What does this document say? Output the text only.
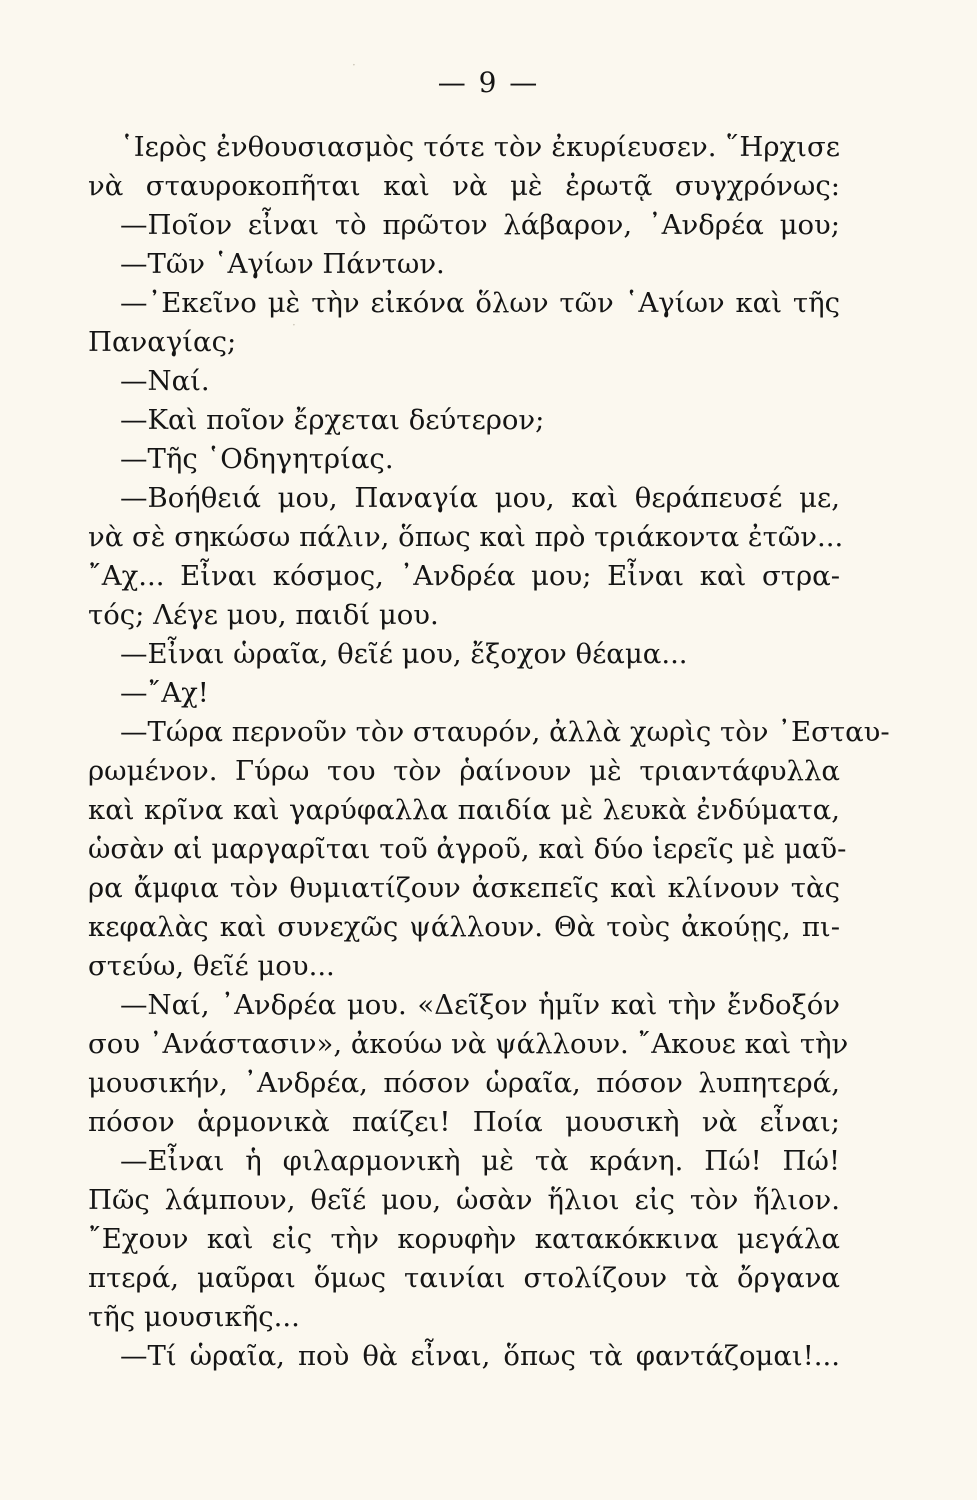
— 9 —
·
·
῾Ιερὸς ἐνθουσιασμὸς τότε τὸν ἐκυρίευσεν. ῞Ηρχισε
νὰ σταυροκοπῆται καὶ νὰ μὲ ἐρωτᾷ συγχρόνως:
—Ποῖον εἶναι τὸ πρῶτον λάβαρον, ᾿Ανδρέα μου;
—Τῶν ῾Αγίων Πάντων.
—᾿Εκεῖνο μὲ τὴν εἰκόνα ὅλων τῶν ῾Αγίων καὶ τῆς
Παναγίας;
—Ναί.
—Καὶ ποῖον ἔρχεται δεύτερον;
—Τῆς ῾Οδηγητρίας.
—Βοήθειά μου, Παναγία μου, καὶ θεράπευσέ με,
νὰ σὲ σηκώσω πάλιν, ὅπως καὶ πρὸ τριάκοντα ἐτῶν...
῎Αχ... Εἶναι κόσμος, ᾿Ανδρέα μου; Εἶναι καὶ στρα-
τός; Λέγε μου, παιδί μου.
—Εἶναι ὡραῖα, θεῖέ μου, ἔξοχον θέαμα...
—῎Αχ!
—Τώρα περνοῦν τὸν σταυρόν, ἀλλὰ χωρὶς τὸν ᾿Εσταυ-
ρωμένον. Γύρω του τὸν ῥαίνουν μὲ τριαντάφυλλα
καὶ κρῖνα καὶ γαρύφαλλα παιδία μὲ λευκὰ ἐνδύματα,
ὡσὰν αἱ μαργαρῖται τοῦ ἀγροῦ, καὶ δύο ἱερεῖς μὲ μαῦ-
ρα ἄμφια τὸν θυμιατίζουν ἀσκεπεῖς καὶ κλίνουν τὰς
κεφαλὰς καὶ συνεχῶς ψάλλουν. Θὰ τοὺς ἀκούῃς, πι-
στεύω, θεῖέ μου...
—Ναί, ᾿Ανδρέα μου. «Δεῖξον ἡμῖν καὶ τὴν ἔνδοξόν
σου ᾿Ανάστασιν», ἀκούω νὰ ψάλλουν. ῎Ακουε καὶ τὴν
μουσικήν, ᾿Ανδρέα, πόσον ὡραῖα, πόσον λυπητερά,
πόσον ἁρμονικὰ παίζει! Ποία μουσικὴ νὰ εἶναι;
—Εἶναι ἡ φιλαρμονικὴ μὲ τὰ κράνη. Πώ! Πώ!
Πῶς λάμπουν, θεῖέ μου, ὡσὰν ἥλιοι εἰς τὸν ἥλιον.
῎Εχουν καὶ εἰς τὴν κορυφὴν κατακόκκινα μεγάλα
πτερά, μαῦραι ὅμως ταινίαι στολίζουν τὰ ὄργανα
τῆς μουσικῆς...
—Τί ὡραῖα, ποὺ θὰ εἶναι, ὅπως τὰ φαντάζομαι!...
